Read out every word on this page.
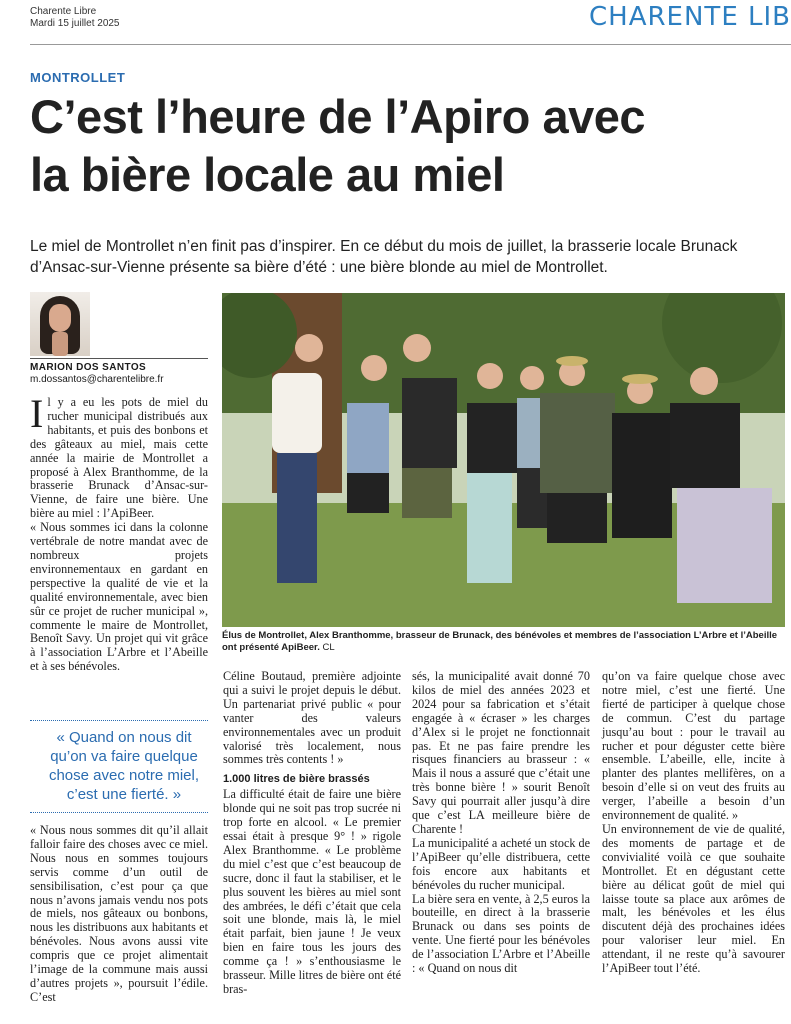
Charente Libre
Mardi 15 juillet 2025	CHARENTE LIB
MONTROLLET
C’est l’heure de l’Apiro avec
la bière locale au miel

Le miel de Montrollet n’en finit pas d’inspirer. En ce début du mois de juillet, la brasserie locale Brunack d’Ansac-sur-Vienne présente sa bière d’été : une bière blonde au miel de Montrollet.

MARION DOS SANTOS
m.dossantos@charentelibre.fr

Il y a eu les pots de miel du rucher municipal distribués aux habitants, et puis des bonbons et des gâteaux au miel, mais cette année la mairie de Montrollet a proposé à Alex Branthomme, de la brasserie Brunack d’Ansac-sur-Vienne, de faire une bière. Une bière au miel : l’ApiBeer.

« Nous sommes ici dans la colonne vertébrale de notre mandat avec de nombreux projets environnementaux en gardant en perspective la qualité de vie et la qualité environnementale, avec bien sûr ce projet de rucher municipal », commente le maire de Montrollet, Benoît Savy. Un projet qui vit grâce à l’association L’Arbre et l’Abeille et à ses bénévoles.

« Quand on nous dit qu’on va faire quelque chose avec notre miel, c’est une fierté. »

« Nous nous sommes dit qu’il allait falloir faire des choses avec ce miel. Nous nous en sommes toujours servis comme d’un outil de sensibilisation, c’est pour ça que nous n’avons jamais vendu nos pots de miels, nos gâteaux ou bonbons, nous les distribuons aux habitants et bénévoles. Nous avons aussi vite compris que ce projet alimentait l’image de la commune mais aussi d’autres projets », poursuit l’édile. C’est

Élus de Montrollet, Alex Branthomme, brasseur de Brunack, des bénévoles et membres de l’association L’Arbre et l’Abeille ont présenté ApiBeer. CL

Céline Boutaud, première adjointe qui a suivi le projet depuis le début. Un partenariat privé public « pour vanter des valeurs environnementales avec un produit valorisé très localement, nous sommes très contents ! »

1.000 litres de bière brassés

La difficulté était de faire une bière blonde qui ne soit pas trop sucrée ni trop forte en alcool. « Le premier essai était à presque 9° ! » rigole Alex Branthomme. « Le problème du miel c’est que c’est beaucoup de sucre, donc il faut la stabiliser, et le plus souvent les bières au miel sont des ambrées, le défi c’était que cela soit une blonde, mais là, le miel était parfait, bien jaune ! Je veux bien en faire tous les jours des comme ça ! » s’enthousiasme le brasseur. Mille litres de bière ont été bras-

sés, la municipalité avait donné 70 kilos de miel des années 2023 et 2024 pour sa fabrication et s’était engagée à « écraser » les charges d’Alex si le projet ne fonctionnait pas. Et ne pas faire prendre les risques financiers au brasseur : « Mais il nous a assuré que c’était une très bonne bière ! » sourit Benoît Savy qui pourrait aller jusqu’à dire que c’est LA meilleure bière de Charente !

La municipalité a acheté un stock de l’ApiBeer qu’elle distribuera, cette fois encore aux habitants et bénévoles du rucher municipal.

La bière sera en vente, à 2,5 euros la bouteille, en direct à la brasserie Brunack ou dans ses points de vente. Une fierté pour les bénévoles de l’association L’Arbre et l’Abeille : « Quand on nous dit

qu’on va faire quelque chose avec notre miel, c’est une fierté. Une fierté de participer à quelque chose de commun. C’est du partage jusqu’au bout : pour le travail au rucher et pour déguster cette bière ensemble. L’abeille, elle, incite à planter des plantes mellifères, on a besoin d’elle si on veut des fruits au verger, l’abeille a besoin d’un environnement de qualité. »

Un environnement de vie de qualité, des moments de partage et de convivialité voilà ce que souhaite Montrollet. Et en dégustant cette bière au délicat goût de miel qui laisse toute sa place aux arômes de malt, les bénévoles et les élus discutent déjà des prochaines idées pour valoriser leur miel. En attendant, il ne reste qu’à savourer l’ApiBeer tout l’été.
